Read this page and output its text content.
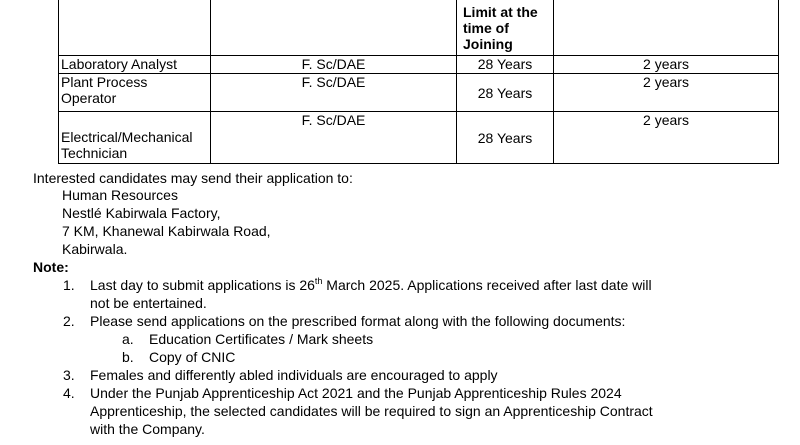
		Limit at the
time of
Joining	

Laboratory Analyst	F. Sc/DAE	28 Years	2 years

Plant Process
Operator	F. Sc/DAE	28 Years	2 years

Electrical/Mechanical
Technician	F. Sc/DAE	28 Years	2 years
Interested candidates may send their application to:
Human Resources
Nestlé Kabirwala Factory,
7 KM, Khanewal Kabirwala Road,
Kabirwala.
Note:
1. Last day to submit applications is 26th March 2025. Applications received after last date will
not be entertained.
2. Please send applications on the prescribed format along with the following documents:
a. Education Certificates / Mark sheets
b. Copy of CNIC
3. Females and differently abled individuals are encouraged to apply
4. Under the Punjab Apprenticeship Act 2021 and the Punjab Apprenticeship Rules 2024
Apprenticeship, the selected candidates will be required to sign an Apprenticeship Contract
with the Company.
